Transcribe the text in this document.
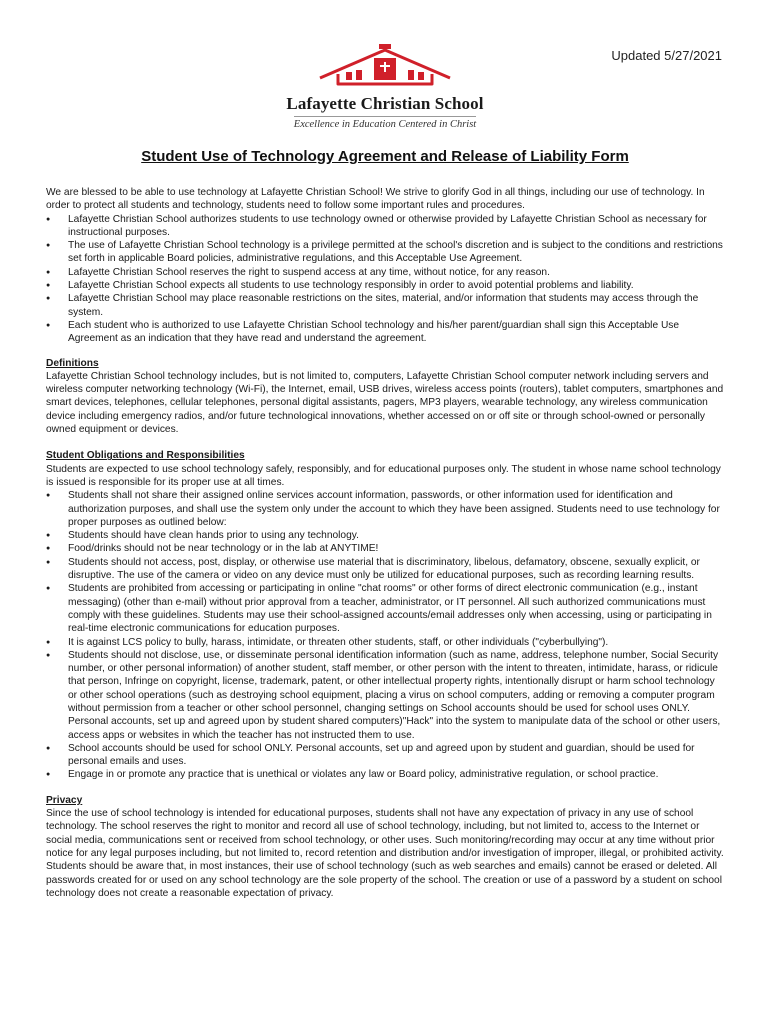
Updated 5/27/2021
Lafayette Christian School
Excellence in Education Centered in Christ
Student Use of Technology Agreement and Release of Liability Form

We are blessed to be able to use technology at Lafayette Christian School! We strive to glorify God in all things, including our use of technology. In order to protect all students and technology, students need to follow some important rules and procedures.

● Lafayette Christian School authorizes students to use technology owned or otherwise provided by Lafayette Christian School as necessary for instructional purposes.
● The use of Lafayette Christian School technology is a privilege permitted at the school's discretion and is subject to the conditions and restrictions set forth in applicable Board policies, administrative regulations, and this Acceptable Use Agreement.
● Lafayette Christian School reserves the right to suspend access at any time, without notice, for any reason.
● Lafayette Christian School expects all students to use technology responsibly in order to avoid potential problems and liability.
● Lafayette Christian School may place reasonable restrictions on the sites, material, and/or information that students may access through the system.
● Each student who is authorized to use Lafayette Christian School technology and his/her parent/guardian shall sign this Acceptable Use Agreement as an indication that they have read and understand the agreement.

Definitions

Lafayette Christian School technology includes, but is not limited to, computers, Lafayette Christian School computer network including servers and wireless computer networking technology (Wi-Fi), the Internet, email, USB drives, wireless access points (routers), tablet computers, smartphones and smart devices, telephones, cellular telephones, personal digital assistants, pagers, MP3 players, wearable technology, any wireless communication device including emergency radios, and/or future technological innovations, whether accessed on or off site or through school-owned or personally owned equipment or devices.

Student Obligations and Responsibilities

Students are expected to use school technology safely, responsibly, and for educational purposes only. The student in whose name school technology is issued is responsible for its proper use at all times.

● Students shall not share their assigned online services account information, passwords, or other information used for identification and authorization purposes, and shall use the system only under the account to which they have been assigned. Students need to use technology for proper purposes as outlined below:
● Students should have clean hands prior to using any technology.
● Food/drinks should not be near technology or in the lab at ANYTIME!
● Students should not access, post, display, or otherwise use material that is discriminatory, libelous, defamatory, obscene, sexually explicit, or disruptive. The use of the camera or video on any device must only be utilized for educational purposes, such as recording learning results.
● Students are prohibited from accessing or participating in online "chat rooms" or other forms of direct electronic communication (e.g., instant messaging) (other than e-mail) without prior approval from a teacher, administrator, or IT personnel. All such authorized communications must comply with these guidelines. Students may use their school-assigned accounts/email addresses only when accessing, using or participating in real-time electronic communications for education purposes.
● It is against LCS policy to bully, harass, intimidate, or threaten other students, staff, or other individuals ("cyberbullying").
● Students should not disclose, use, or disseminate personal identification information (such as name, address, telephone number, Social Security number, or other personal information) of another student, staff member, or other person with the intent to threaten, intimidate, harass, or ridicule that person, Infringe on copyright, license, trademark, patent, or other intellectual property rights, intentionally disrupt or harm school technology or other school operations (such as destroying school equipment, placing a virus on school computers, adding or removing a computer program without permission from a teacher or other school personnel, changing settings on School accounts should be used for school uses ONLY. Personal accounts, set up and agreed upon by student shared computers)"Hack" into the system to manipulate data of the school or other users, access apps or websites in which the teacher has not instructed them to use.
● School accounts should be used for school ONLY. Personal accounts, set up and agreed upon by student and guardian, should be used for personal emails and uses.
● Engage in or promote any practice that is unethical or violates any law or Board policy, administrative regulation, or school practice.

Privacy

Since the use of school technology is intended for educational purposes, students shall not have any expectation of privacy in any use of school technology. The school reserves the right to monitor and record all use of school technology, including, but not limited to, access to the Internet or social media, communications sent or received from school technology, or other uses. Such monitoring/recording may occur at any time without prior notice for any legal purposes including, but not limited to, record retention and distribution and/or investigation of improper, illegal, or prohibited activity. Students should be aware that, in most instances, their use of school technology (such as web searches and emails) cannot be erased or deleted. All passwords created for or used on any school technology are the sole property of the school. The creation or use of a password by a student on school technology does not create a reasonable expectation of privacy.
